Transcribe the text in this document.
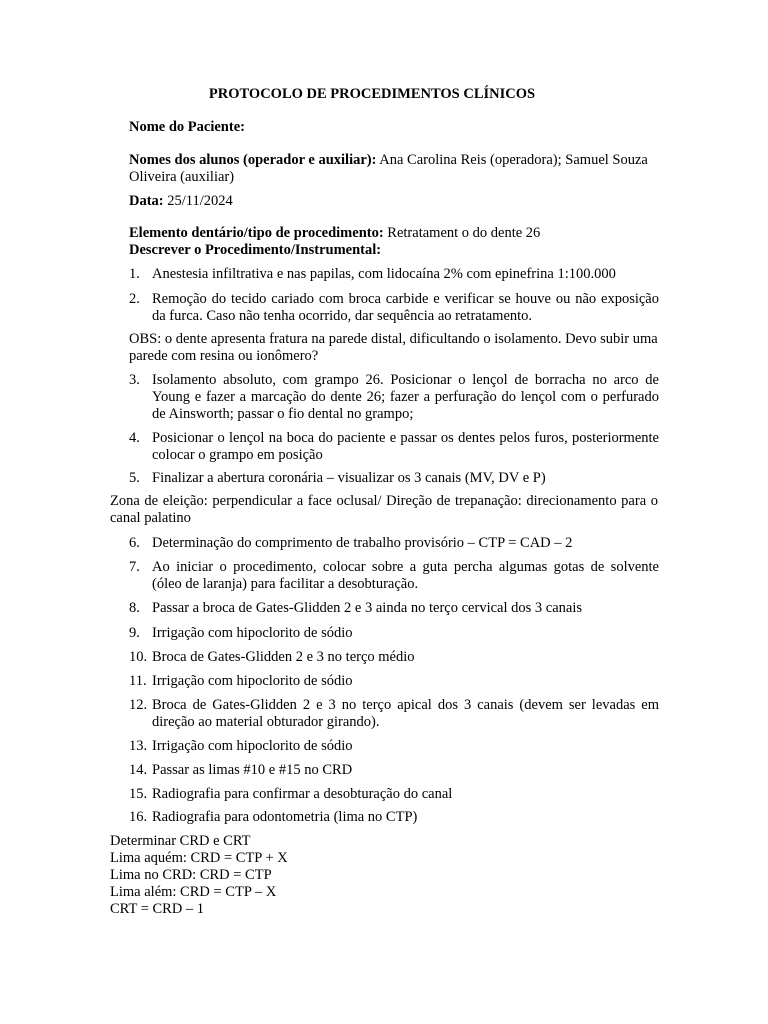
PROTOCOLO DE PROCEDIMENTOS CLÍNICOS
Nome do Paciente:
Nomes dos alunos (operador e auxiliar): Ana Carolina Reis (operadora); Samuel Souza Oliveira (auxiliar)
Data: 25/11/2024
Elemento dentário/tipo de procedimento: Retratament o do dente 26
Descrever o Procedimento/Instrumental:
1. Anestesia infiltrativa e nas papilas, com lidocaína 2% com epinefrina 1:100.000
2. Remoção do tecido cariado com broca carbide e verificar se houve ou não exposição da furca. Caso não tenha ocorrido, dar sequência ao retratamento.
OBS: o dente apresenta fratura na parede distal, dificultando o isolamento. Devo subir uma parede com resina ou ionômero?
3. Isolamento absoluto, com grampo 26. Posicionar o lençol de borracha no arco de Young e fazer a marcação do dente 26; fazer a perfuração do lençol com o perfurado de Ainsworth; passar o fio dental no grampo;
4. Posicionar o lençol na boca do paciente e passar os dentes pelos furos, posteriormente colocar o grampo em posição
5. Finalizar a abertura coronária – visualizar os 3 canais (MV, DV e P)
Zona de eleição: perpendicular a face oclusal/ Direção de trepanação: direcionamento para o canal palatino
6. Determinação do comprimento de trabalho provisório – CTP = CAD – 2
7. Ao iniciar o procedimento, colocar sobre a guta percha algumas gotas de solvente (óleo de laranja) para facilitar a desobturação.
8. Passar a broca de Gates-Glidden 2 e 3 ainda no terço cervical dos 3 canais
9. Irrigação com hipoclorito de sódio
10. Broca de Gates-Glidden 2 e 3 no terço médio
11. Irrigação com hipoclorito de sódio
12. Broca de Gates-Glidden 2 e 3 no terço apical dos 3 canais (devem ser levadas em direção ao material obturador girando).
13. Irrigação com hipoclorito de sódio
14. Passar as limas #10 e #15 no CRD
15. Radiografia para confirmar a desobturação do canal
16. Radiografia para odontometria (lima no CTP)
Determinar CRD e CRT
Lima aquém: CRD = CTP + X
Lima no CRD: CRD = CTP
Lima além: CRD = CTP – X
CRT = CRD – 1
